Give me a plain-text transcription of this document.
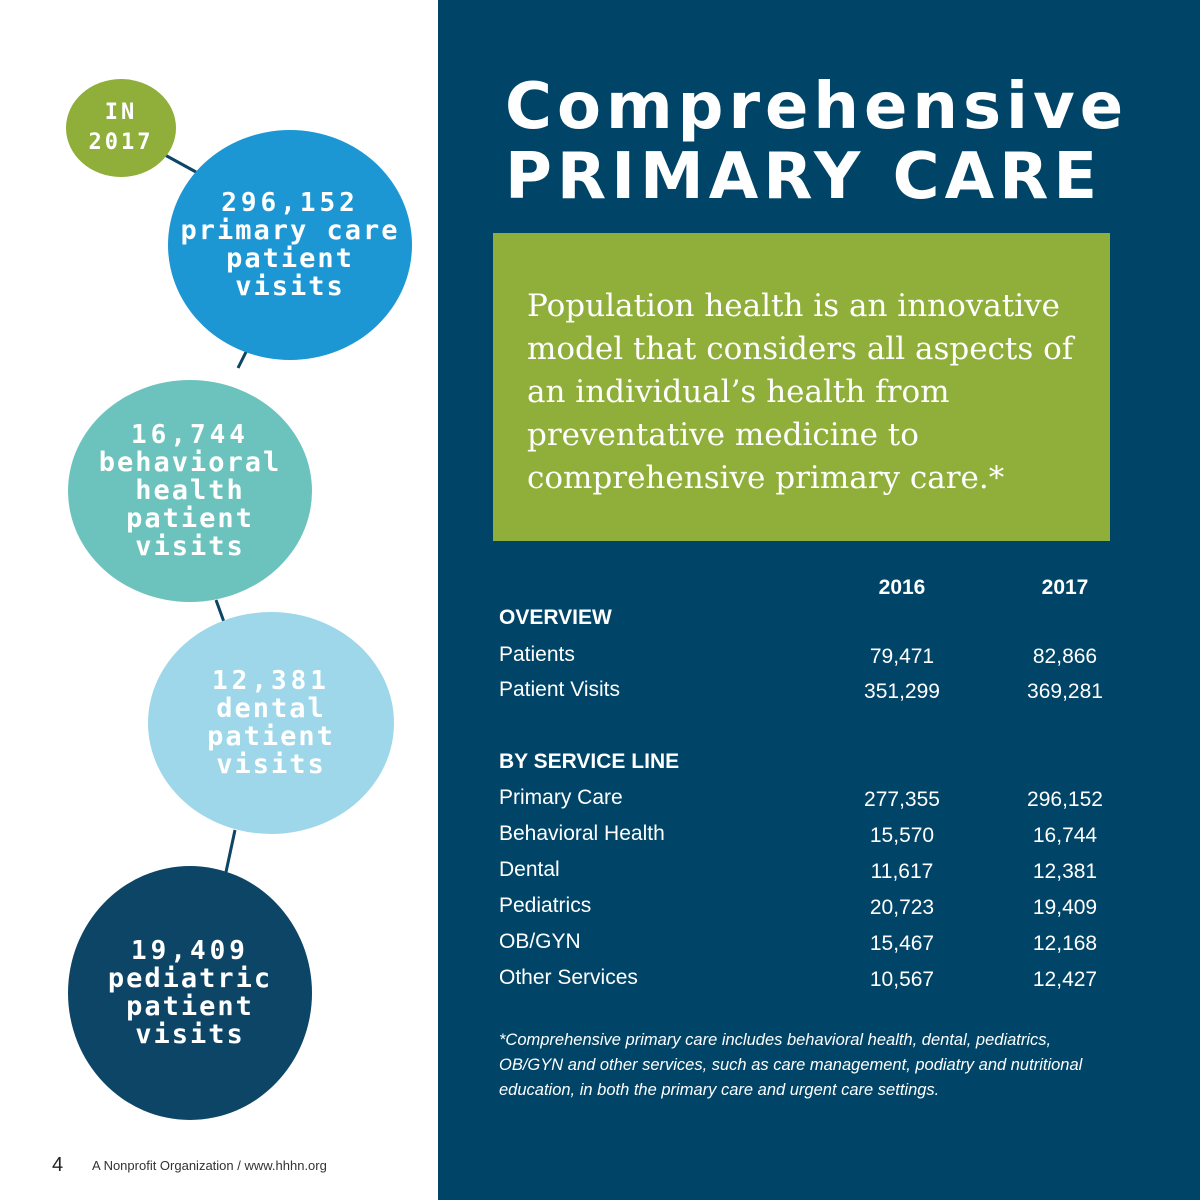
IN
2017
296,152
primary care
patient
visits
16,744
behavioral
health
patient
visits
12,381
dental
patient
visits
19,409
pediatric
patient
visits
4 A Nonprofit Organization / www.hhhn.org
Comprehensive
PRIMARY CARE

Population health is an innovative model that considers all aspects of an individual’s health from preventative medicine to comprehensive primary care.*

2016	2017
OVERVIEW
Patients	79,471	82,866
Patient Visits	351,299	369,281
BY SERVICE LINE
Primary Care	277,355	296,152
Behavioral Health	15,570	16,744
Dental	11,617	12,381
Pediatrics	20,723	19,409
OB/GYN	15,467	12,168
Other Services	10,567	12,427

*Comprehensive primary care includes behavioral health, dental, pediatrics, OB/GYN and other services, such as care management, podiatry and nutritional education, in both the primary care and urgent care settings.
